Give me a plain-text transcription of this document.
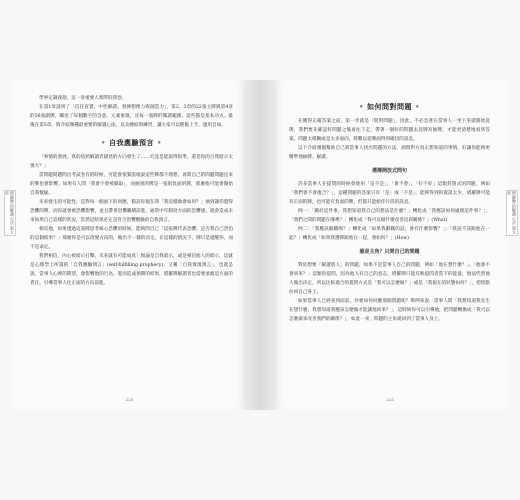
學界定調義迦，這一章重要人實際的問卷。

在第1章談到了「信任直覺、中性解讀、發揮想像力與創造力」，第2、3章的22張主牌與第4章的56張副牌，闡述了每個數字的含意，元素象徵，及每一張牌的閱讀範圍，這些都是基本功夫。最後在第5章，將介紹幾種最重要的解讀心法，以及總結與練習，讓大家可以輕鬆上手，運用自如。

• 自我應驗預言 •

「事情的發展，真的依照解讀者描述的方向發生了……究竟是能說得很準，還是你的自我暗示太強大？」

當問題問題問出考試卷有的時候，可能會很緊張地說這些牌都不理想，再問自己的問題問題出來的牌也會影響。如果有人問「我會不會被錄取」，而抽到的牌是一張很負面的牌，那麼他可能會開始自我懷疑。

未來發生的可能性，是對每一個面下的回應，假設你現在問「我這樣做會如何？」抽到讓你覺得恐懼的牌，而你就會被恐懼影響，並且帶著恐懼繼續前進，通常中年制度方面的恐懼感，就會造成未來如果自己這樣的狀況，當然這結果必定是符合恐懼應驗的自我預言。

相反地，如果透過這張牌思考核心恐懼的時候，能夠問自己「這張牌代表恐懼，是否我自己害怕的這個結果？」那麼你是可以改變方向的，做出不一樣的決定。在這樣的情況下，牌只是提醒你，而不是命定。

我們相信，內心被暗示打擊、未來就有可能成真！無論是自我暗示，或是相信他人的暗示，這就是心理學上所謂的「自我應驗預言」(self-fulfilling prophecy)，又稱「自我實現預言」，也就是說，當事人心裡的期望，會影響他的行為，進而造成預期的結果，塔羅牌解讀者也需要承擔這方面的責任，引導當事人往正面的方向前進。

220
• 如何問對問題 •

在獲得正確答案之前，第一步就是「問對問題」，因此，不必急著在當事人一坐下來就開始洗牌，我們要先確認好問題之後再往下走，帶著一個好的問題去洗牌及抽牌，才能更清楚地看到答案。問題太模糊或是太多面向，將難以從牌面得到確切的訊息。

以下介紹幾個幫助自己與當事人找出問題的方法，詢問對方真正想知道的事情，好讓你能夠更精準地抽牌、解讀。

選擇開放式問句

許多當事人在提問的時候會使用「是不是」、「會不會」、「好不好」這類封閉式的問題，例如「我們會不會復合？」，這種問題的答案只有「是」或「不是」，能夠得到的資訊太少，塔羅牌可能有正面的牌，也可能有負面的牌，但都只能給你片段的訊息。

例一：「關於這件事，我想知道我自己的想法是什麼？」轉化成「我應該如何處理這件事？」；「我們之間的問題在哪裡？」轉化成「我可以做什麼改善這段關係？」(What)

例二：「我應該辭職嗎？」轉化成「如果我辭職的話，會有什麼影響？」；「我該不該跟他在一起？」轉化成「如果我選擇跟他在一起，會如何？」(How)

誰是主角？只問自己的問題

對於想要「解讀別人」的問題，如果不是當事人自己的問題，例如「他在想什麼？」、「他會不會回來？」這類的提問，因為他人有自己的意志，塔羅牌只能反映提問者當下的能量，無法代替他人做出決定，所以比較適合的提問方式是「我可以怎麼做？」或是「我現在的狀態如何？」，把焦點拉回自己身上。

如果當事人已經來到面前，你要如何回應那個問題呢？舉例來說，當事人問「我想知道我先生在想什麼，我想知道我應該怎麼做才能讓他回來？」，這時候你可以引導他，把問題轉換成「我可以怎麼做來改善我們的關係？」，如此一來，問題的主角就回到了當事人身上。

221
塔羅牌的解讀心法 第五章	塔羅牌的解讀心法 第五章
